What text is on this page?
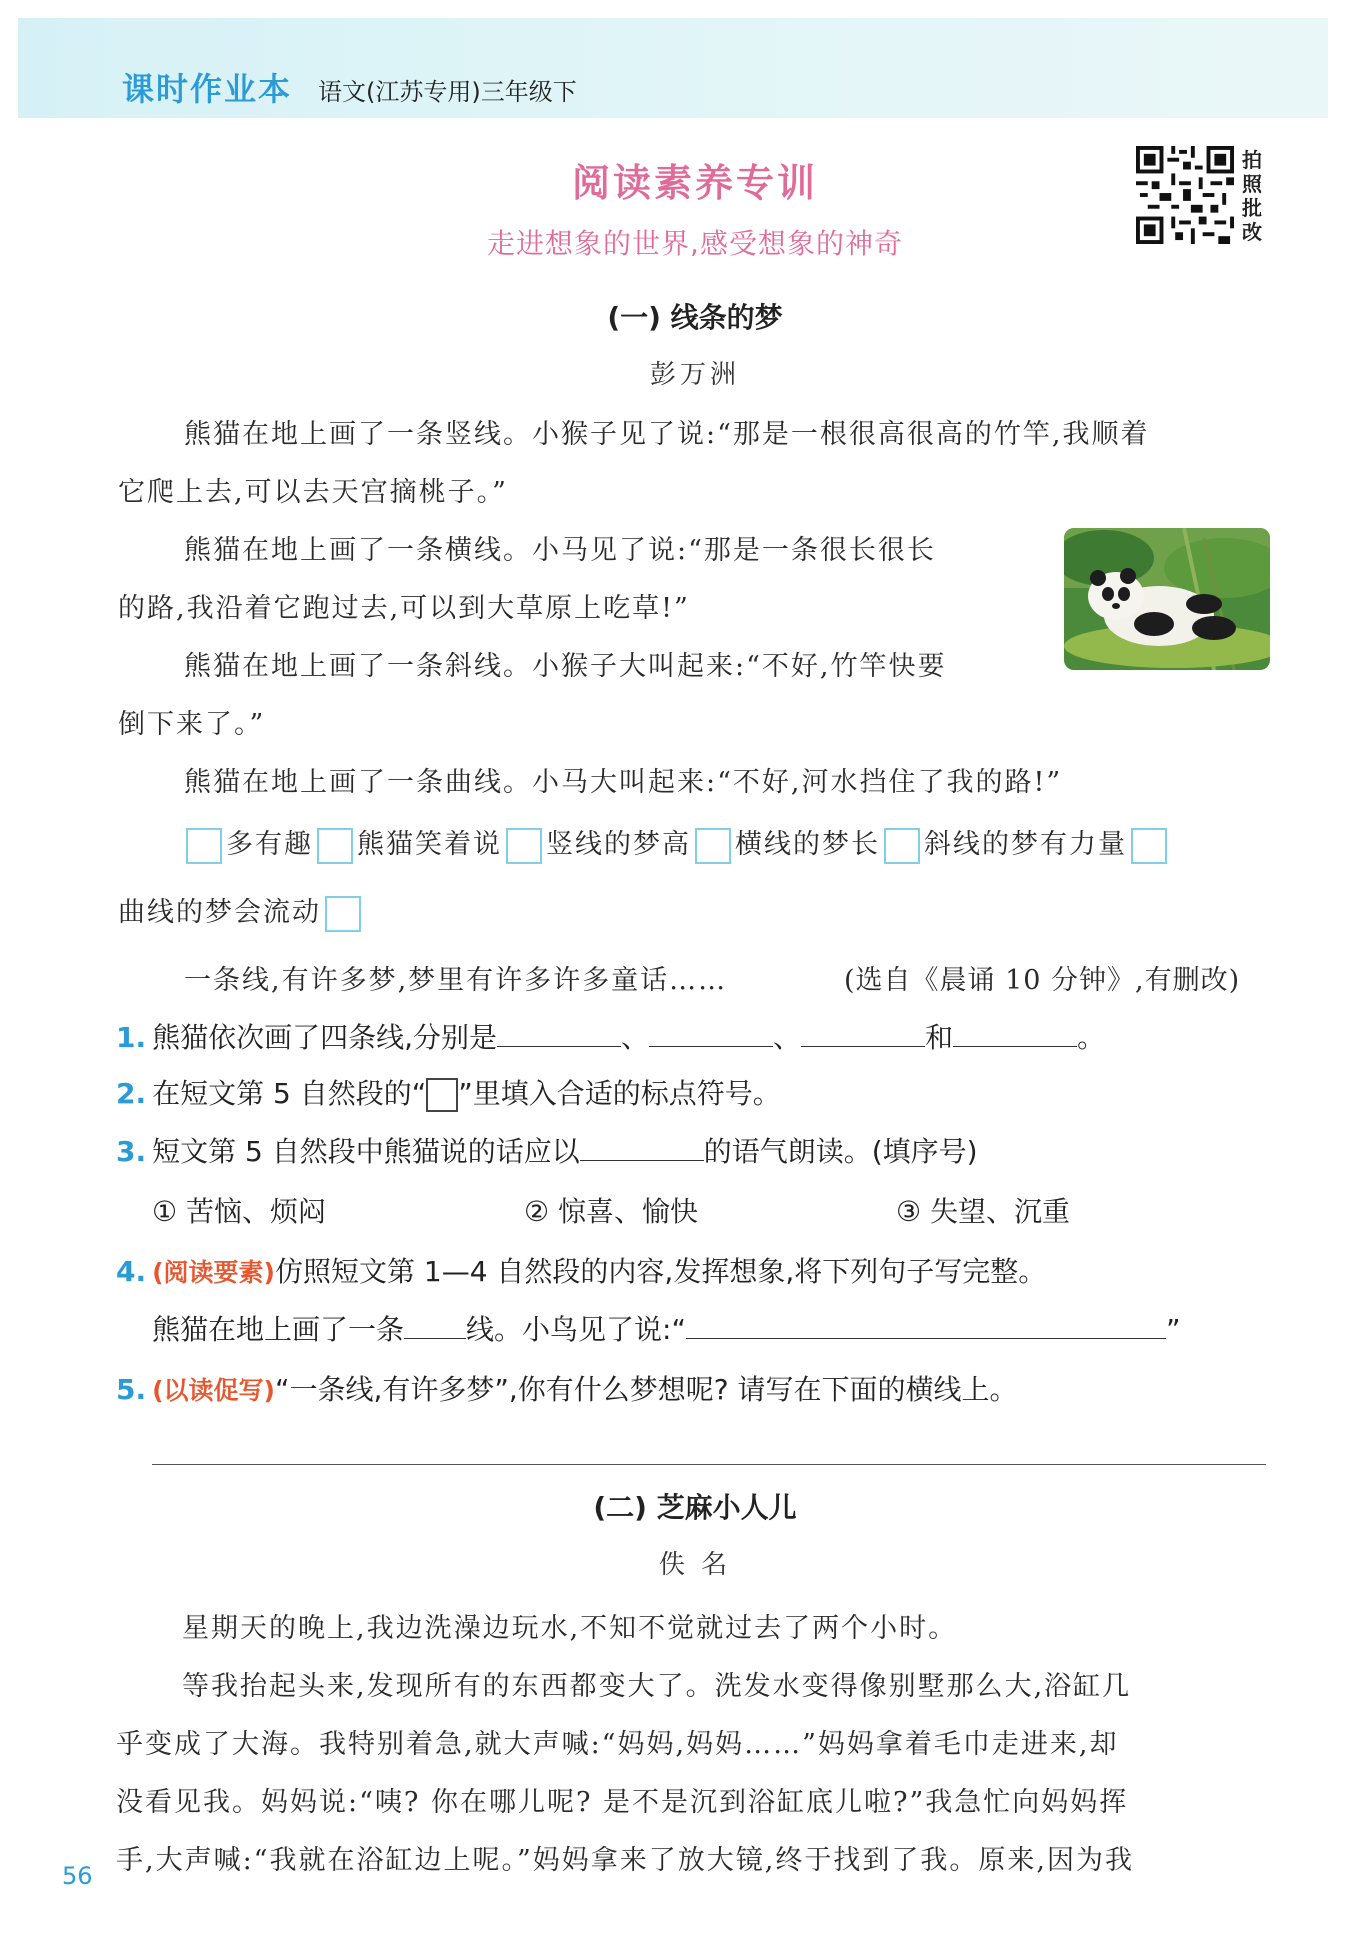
课时作业本 语文(江苏专用)三年级下
阅读素养专训
走进想象的世界,感受想象的神奇
拍
照
批
改
(一) 线条的梦
彭万洲
熊猫在地上画了一条竖线。小猴子见了说:“那是一根很高很高的竹竿,我顺着
它爬上去,可以去天宫摘桃子。”
熊猫在地上画了一条横线。小马见了说:“那是一条很长很长
的路,我沿着它跑过去,可以到大草原上吃草!”
熊猫在地上画了一条斜线。小猴子大叫起来:“不好,竹竿快要
倒下来了。”
熊猫在地上画了一条曲线。小马大叫起来:“不好,河水挡住了我的路!”
多有趣 熊猫笑着说 竖线的梦高 横线的梦长 斜线的梦有力量
曲线的梦会流动
一条线,有许多梦,梦里有许多许多童话……	(选自《晨诵 10 分钟》,有删改)
1. 熊猫依次画了四条线,分别是	、	、	和	。
2. 在短文第 5 自然段的“ ”里填入合适的标点符号。
3. 短文第 5 自然段中熊猫说的话应以	的语气朗读。(填序号)
① 苦恼、烦闷	② 惊喜、愉快	③ 失望、沉重
4. (阅读要素)仿照短文第 1—4 自然段的内容,发挥想象,将下列句子写完整。
熊猫在地上画了一条 线。小鸟见了说:“	”
5. (以读促写)“一条线,有许多梦”,你有什么梦想呢? 请写在下面的横线上。
(二) 芝麻小人儿
佚 名
星期天的晚上,我边洗澡边玩水,不知不觉就过去了两个小时。
等我抬起头来,发现所有的东西都变大了。洗发水变得像别墅那么大,浴缸几
乎变成了大海。我特别着急,就大声喊:“妈妈,妈妈……”妈妈拿着毛巾走进来,却
没看见我。妈妈说:“咦? 你在哪儿呢? 是不是沉到浴缸底儿啦?”我急忙向妈妈挥
手,大声喊:“我就在浴缸边上呢。”妈妈拿来了放大镜,终于找到了我。原来,因为我
56
